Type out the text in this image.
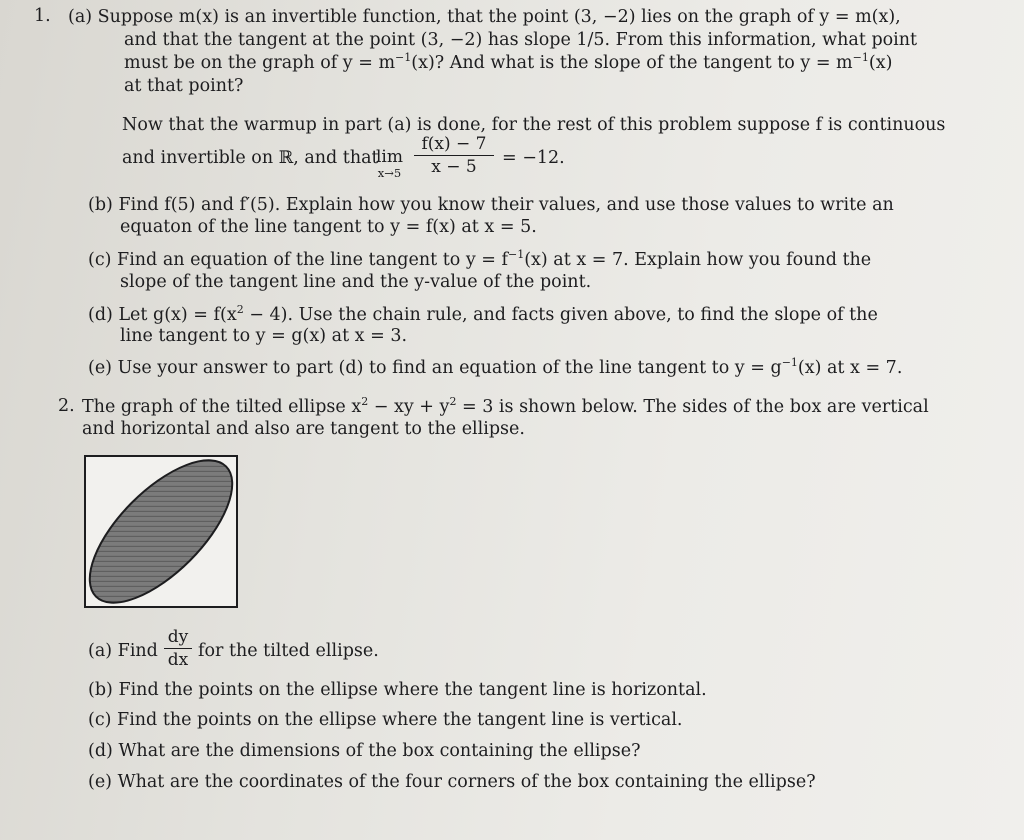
1. (a) Suppose m(x) is an invertible function, that the point (3, −2) lies on the graph of y = m(x),
and that the tangent at the point (3, −2) has slope 1/5. From this information, what point
must be on the graph of $y = m^{-1}(x)$? And what is the slope of the tangent to $y = m^{-1}(x)$
at that point?
Now that the warmup in part (a) is done, for the rest of this problem suppose f is continuous
and invertible on ℝ, and that
lim
x→5
f(x) − 7
x − 5	= −12.
(b) Find f(5) and f′(5). Explain how you know their values, and use those values to write an
equaton of the line tangent to y = f(x) at x = 5.
(c) Find an equation of the line tangent to $y = f^{-1}(x)$ at x = 7. Explain how you found the
slope of the tangent line and the y-value of the point.
(d) Let $g(x) = f(x^2 - 4)$. Use the chain rule, and facts given above, to find the slope of the
line tangent to y = g(x) at x = 3.
(e) Use your answer to part (d) to find an equation of the line tangent to $y = g^{-1}(x)$ at x = 7.
2. The graph of the tilted ellipse $x^2$ − xy + $y^2 = 3$ is shown below. The sides of the box are vertical
and horizontal and also are tangent to the ellipse.
(a) Find
dy
dx for the tilted ellipse.
(b) Find the points on the ellipse where the tangent line is horizontal.
(c) Find the points on the ellipse where the tangent line is vertical.
(d) What are the dimensions of the box containing the ellipse?
(e) What are the coordinates of the four corners of the box containing the ellipse?
